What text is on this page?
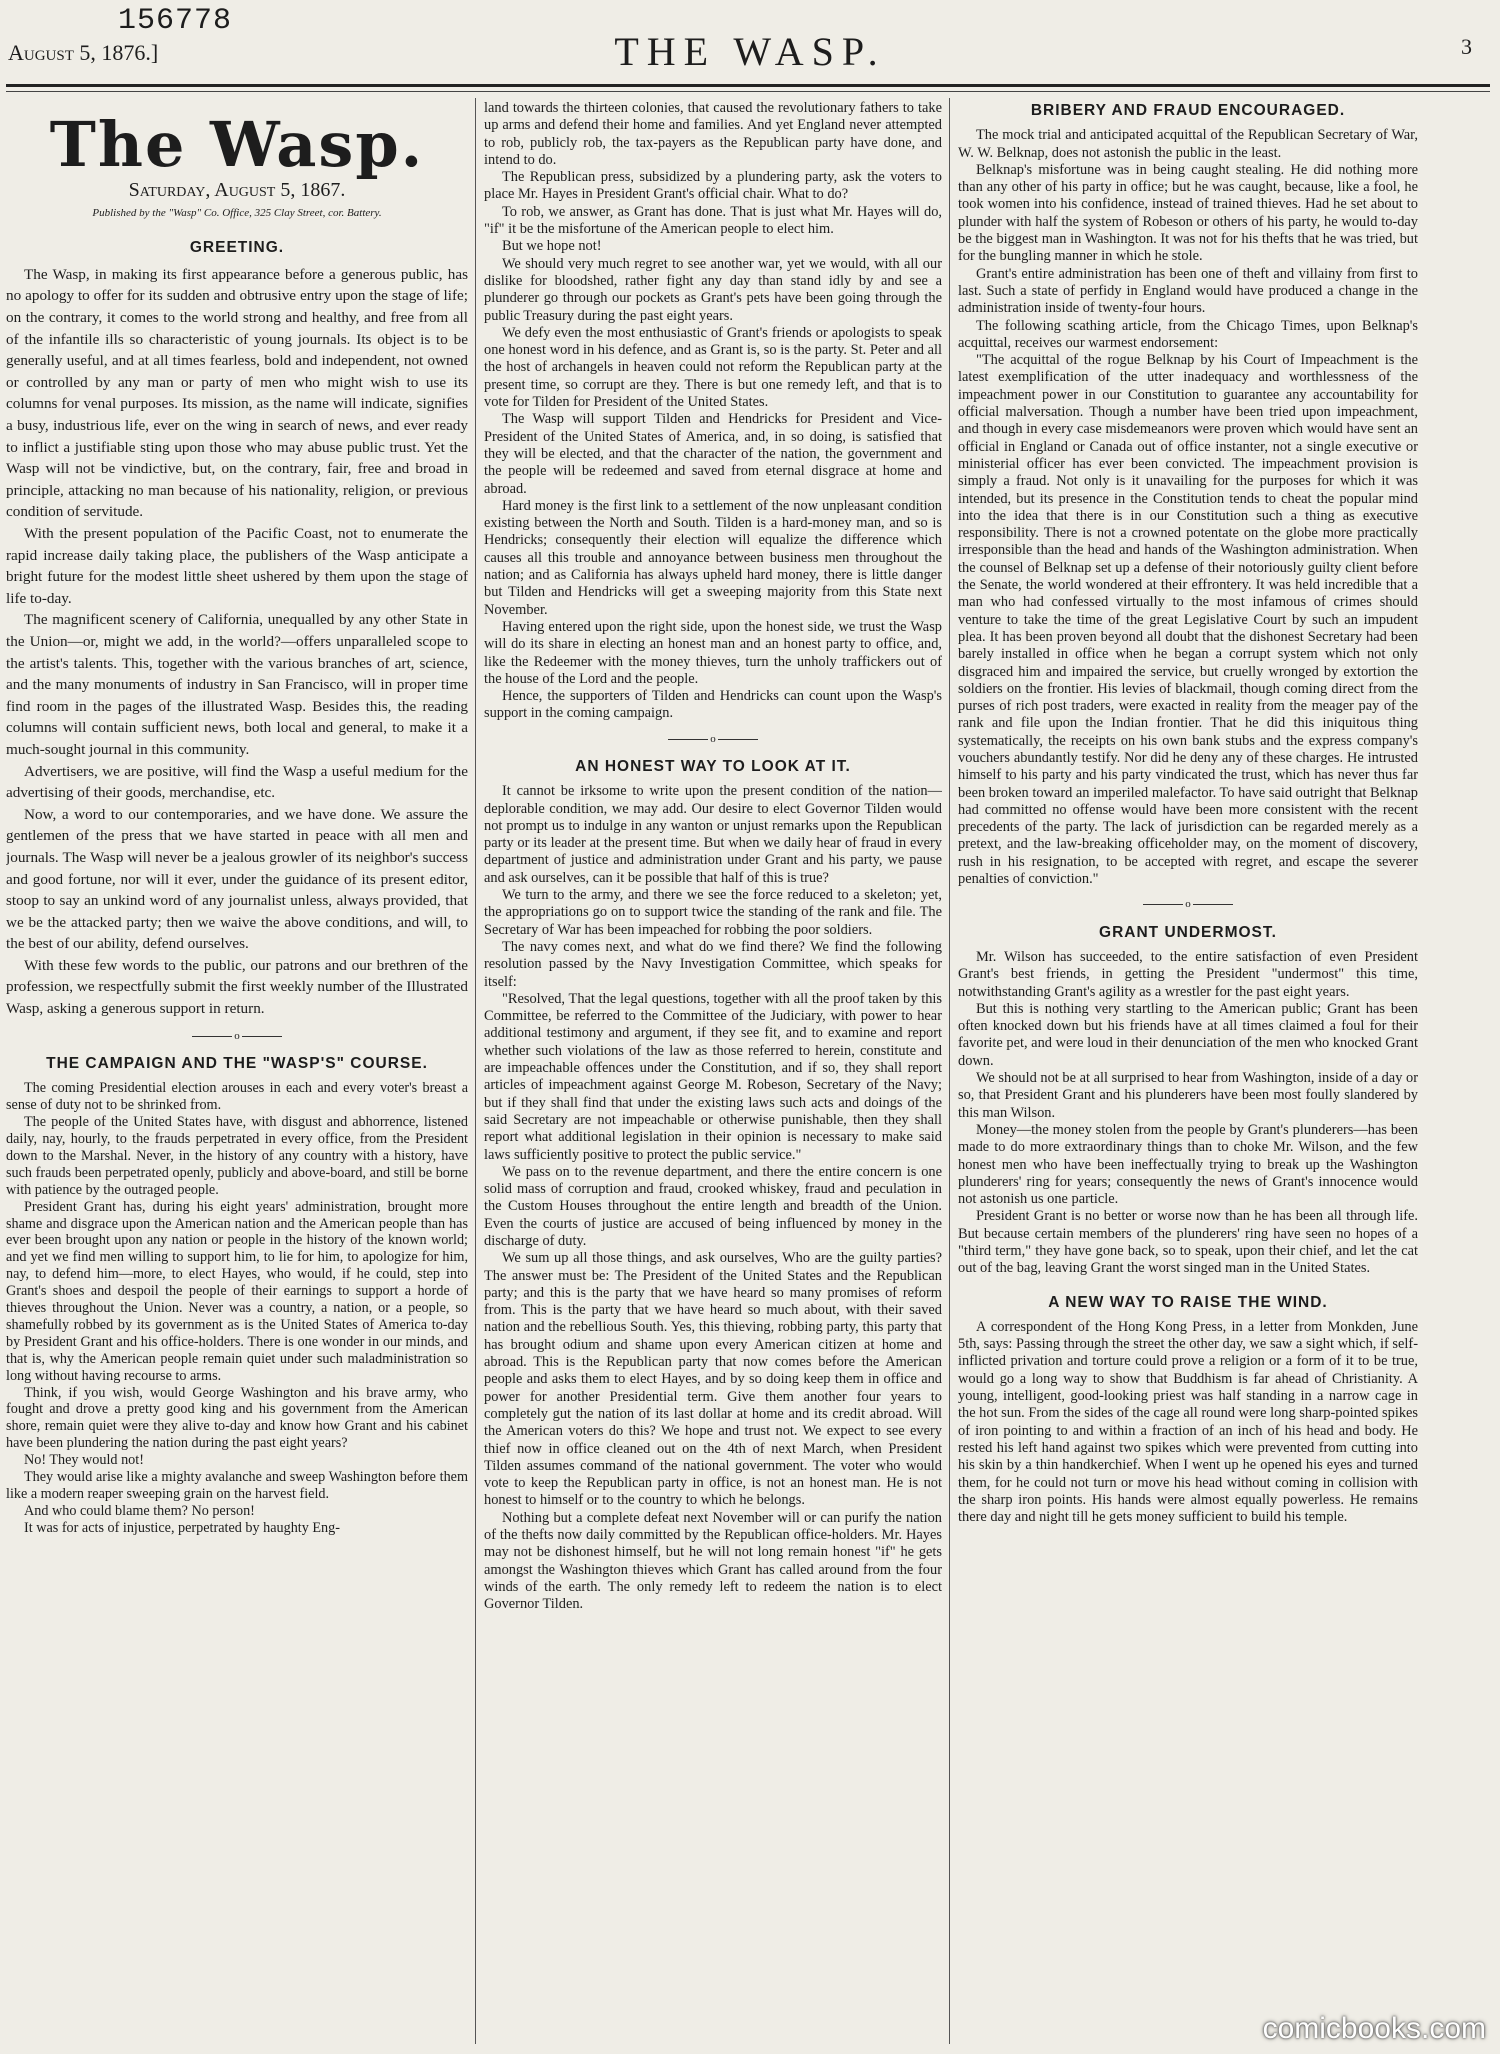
156778
August 5, 1876.]	THE WASP.	3
The Wasp.
Saturday, August 5, 1867.
Published by the "Wasp" Co. Office, 325 Clay Street, cor. Battery.
GREETING.

The Wasp, in making its first appearance before a generous public, has no apology to offer for its sudden and obtrusive entry upon the stage of life; on the contrary, it comes to the world strong and healthy, and free from all of the infantile ills so characteristic of young journals. Its object is to be generally useful, and at all times fearless, bold and independent, not owned or controlled by any man or party of men who might wish to use its columns for venal purposes. Its mission, as the name will indicate, signifies a busy, industrious life, ever on the wing in search of news, and ever ready to inflict a justifiable sting upon those who may abuse public trust. Yet the Wasp will not be vindictive, but, on the contrary, fair, free and broad in principle, attacking no man because of his nationality, religion, or previous condition of servitude.

With the present population of the Pacific Coast, not to enumerate the rapid increase daily taking place, the publishers of the Wasp anticipate a bright future for the modest little sheet ushered by them upon the stage of life to-day.

The magnificent scenery of California, unequalled by any other State in the Union—or, might we add, in the world?—offers unparalleled scope to the artist's talents. This, together with the various branches of art, science, and the many monuments of industry in San Francisco, will in proper time find room in the pages of the illustrated Wasp. Besides this, the reading columns will contain sufficient news, both local and general, to make it a much-sought journal in this community.

Advertisers, we are positive, will find the Wasp a useful medium for the advertising of their goods, merchandise, etc.

Now, a word to our contemporaries, and we have done. We assure the gentlemen of the press that we have started in peace with all men and journals. The Wasp will never be a jealous growler of its neighbor's success and good fortune, nor will it ever, under the guidance of its present editor, stoop to say an unkind word of any journalist unless, always provided, that we be the attacked party; then we waive the above conditions, and will, to the best of our ability, defend ourselves.

With these few words to the public, our patrons and our brethren of the profession, we respectfully submit the first weekly number of the Illustrated Wasp, asking a generous support in return.

o
THE CAMPAIGN AND THE "WASP'S" COURSE.

The coming Presidential election arouses in each and every voter's breast a sense of duty not to be shrinked from.

The people of the United States have, with disgust and abhorrence, listened daily, nay, hourly, to the frauds perpetrated in every office, from the President down to the Marshal. Never, in the history of any country with a history, have such frauds been perpetrated openly, publicly and above-board, and still be borne with patience by the outraged people.

President Grant has, during his eight years' administration, brought more shame and disgrace upon the American nation and the American people than has ever been brought upon any nation or people in the history of the known world; and yet we find men willing to support him, to lie for him, to apologize for him, nay, to defend him—more, to elect Hayes, who would, if he could, step into Grant's shoes and despoil the people of their earnings to support a horde of thieves throughout the Union. Never was a country, a nation, or a people, so shamefully robbed by its government as is the United States of America to-day by President Grant and his office-holders. There is one wonder in our minds, and that is, why the American people remain quiet under such maladministration so long without having recourse to arms.

Think, if you wish, would George Washington and his brave army, who fought and drove a pretty good king and his government from the American shore, remain quiet were they alive to-day and know how Grant and his cabinet have been plundering the nation during the past eight years?

No! They would not!

They would arise like a mighty avalanche and sweep Washington before them like a modern reaper sweeping grain on the harvest field.

And who could blame them? No person!

It was for acts of injustice, perpetrated by haughty Eng-

land towards the thirteen colonies, that caused the revolutionary fathers to take up arms and defend their home and families. And yet England never attempted to rob, publicly rob, the tax-payers as the Republican party have done, and intend to do.

The Republican press, subsidized by a plundering party, ask the voters to place Mr. Hayes in President Grant's official chair. What to do?

To rob, we answer, as Grant has done. That is just what Mr. Hayes will do, "if" it be the misfortune of the American people to elect him.

But we hope not!

We should very much regret to see another war, yet we would, with all our dislike for bloodshed, rather fight any day than stand idly by and see a plunderer go through our pockets as Grant's pets have been going through the public Treasury during the past eight years.

We defy even the most enthusiastic of Grant's friends or apologists to speak one honest word in his defence, and as Grant is, so is the party. St. Peter and all the host of archangels in heaven could not reform the Republican party at the present time, so corrupt are they. There is but one remedy left, and that is to vote for Tilden for President of the United States.

The Wasp will support Tilden and Hendricks for President and Vice-President of the United States of America, and, in so doing, is satisfied that they will be elected, and that the character of the nation, the government and the people will be redeemed and saved from eternal disgrace at home and abroad.

Hard money is the first link to a settlement of the now unpleasant condition existing between the North and South. Tilden is a hard-money man, and so is Hendricks; consequently their election will equalize the difference which causes all this trouble and annoyance between business men throughout the nation; and as California has always upheld hard money, there is little danger but Tilden and Hendricks will get a sweeping majority from this State next November.

Having entered upon the right side, upon the honest side, we trust the Wasp will do its share in electing an honest man and an honest party to office, and, like the Redeemer with the money thieves, turn the unholy traffickers out of the house of the Lord and the people.

Hence, the supporters of Tilden and Hendricks can count upon the Wasp's support in the coming campaign.

o
AN HONEST WAY TO LOOK AT IT.

It cannot be irksome to write upon the present condition of the nation—deplorable condition, we may add. Our desire to elect Governor Tilden would not prompt us to indulge in any wanton or unjust remarks upon the Republican party or its leader at the present time. But when we daily hear of fraud in every department of justice and administration under Grant and his party, we pause and ask ourselves, can it be possible that half of this is true?

We turn to the army, and there we see the force reduced to a skeleton; yet, the appropriations go on to support twice the standing of the rank and file. The Secretary of War has been impeached for robbing the poor soldiers.

The navy comes next, and what do we find there? We find the following resolution passed by the Navy Investigation Committee, which speaks for itself:

"Resolved, That the legal questions, together with all the proof taken by this Committee, be referred to the Committee of the Judiciary, with power to hear additional testimony and argument, if they see fit, and to examine and report whether such violations of the law as those referred to herein, constitute and are impeachable offences under the Constitution, and if so, they shall report articles of impeachment against George M. Robeson, Secretary of the Navy; but if they shall find that under the existing laws such acts and doings of the said Secretary are not impeachable or otherwise punishable, then they shall report what additional legislation in their opinion is necessary to make said laws sufficiently positive to protect the public service."

We pass on to the revenue department, and there the entire concern is one solid mass of corruption and fraud, crooked whiskey, fraud and peculation in the Custom Houses throughout the entire length and breadth of the Union. Even the courts of justice are accused of being influenced by money in the discharge of duty.

We sum up all those things, and ask ourselves, Who are the guilty parties? The answer must be: The President of the United States and the Republican party; and this is the party that we have heard so many promises of reform from. This is the party that we have heard so much about, with their saved nation and the rebellious South. Yes, this thieving, robbing party, this party that has brought odium and shame upon every American citizen at home and abroad. This is the Republican party that now comes before the American people and asks them to elect Hayes, and by so doing keep them in office and power for another Presidential term. Give them another four years to completely gut the nation of its last dollar at home and its credit abroad. Will the American voters do this? We hope and trust not. We expect to see every thief now in office cleaned out on the 4th of next March, when President Tilden assumes command of the national government. The voter who would vote to keep the Republican party in office, is not an honest man. He is not honest to himself or to the country to which he belongs.

Nothing but a complete defeat next November will or can purify the nation of the thefts now daily committed by the Republican office-holders. Mr. Hayes may not be dishonest himself, but he will not long remain honest "if" he gets amongst the Washington thieves which Grant has called around from the four winds of the earth. The only remedy left to redeem the nation is to elect Governor Tilden.

BRIBERY AND FRAUD ENCOURAGED.

The mock trial and anticipated acquittal of the Republican Secretary of War, W. W. Belknap, does not astonish the public in the least.

Belknap's misfortune was in being caught stealing. He did nothing more than any other of his party in office; but he was caught, because, like a fool, he took women into his confidence, instead of trained thieves. Had he set about to plunder with half the system of Robeson or others of his party, he would to-day be the biggest man in Washington. It was not for his thefts that he was tried, but for the bungling manner in which he stole.

Grant's entire administration has been one of theft and villainy from first to last. Such a state of perfidy in England would have produced a change in the administration inside of twenty-four hours.

The following scathing article, from the Chicago Times, upon Belknap's acquittal, receives our warmest endorsement:

"The acquittal of the rogue Belknap by his Court of Impeachment is the latest exemplification of the utter inadequacy and worthlessness of the impeachment power in our Constitution to guarantee any accountability for official malversation. Though a number have been tried upon impeachment, and though in every case misdemeanors were proven which would have sent an official in England or Canada out of office instanter, not a single executive or ministerial officer has ever been convicted. The impeachment provision is simply a fraud. Not only is it unavailing for the purposes for which it was intended, but its presence in the Constitution tends to cheat the popular mind into the idea that there is in our Constitution such a thing as executive responsibility. There is not a crowned potentate on the globe more practically irresponsible than the head and hands of the Washington administration. When the counsel of Belknap set up a defense of their notoriously guilty client before the Senate, the world wondered at their effrontery. It was held incredible that a man who had confessed virtually to the most infamous of crimes should venture to take the time of the great Legislative Court by such an impudent plea. It has been proven beyond all doubt that the dishonest Secretary had been barely installed in office when he began a corrupt system which not only disgraced him and impaired the service, but cruelly wronged by extortion the soldiers on the frontier. His levies of blackmail, though coming direct from the purses of rich post traders, were exacted in reality from the meager pay of the rank and file upon the Indian frontier. That he did this iniquitous thing systematically, the receipts on his own bank stubs and the express company's vouchers abundantly testify. Nor did he deny any of these charges. He intrusted himself to his party and his party vindicated the trust, which has never thus far been broken toward an imperiled malefactor. To have said outright that Belknap had committed no offense would have been more consistent with the recent precedents of the party. The lack of jurisdiction can be regarded merely as a pretext, and the law-breaking officeholder may, on the moment of discovery, rush in his resignation, to be accepted with regret, and escape the severer penalties of conviction."

o
GRANT UNDERMOST.

Mr. Wilson has succeeded, to the entire satisfaction of even President Grant's best friends, in getting the President "undermost" this time, notwithstanding Grant's agility as a wrestler for the past eight years.

But this is nothing very startling to the American public; Grant has been often knocked down but his friends have at all times claimed a foul for their favorite pet, and were loud in their denunciation of the men who knocked Grant down.

We should not be at all surprised to hear from Washington, inside of a day or so, that President Grant and his plunderers have been most foully slandered by this man Wilson.

Money—the money stolen from the people by Grant's plunderers—has been made to do more extraordinary things than to choke Mr. Wilson, and the few honest men who have been ineffectually trying to break up the Washington plunderers' ring for years; consequently the news of Grant's innocence would not astonish us one particle.

President Grant is no better or worse now than he has been all through life. But because certain members of the plunderers' ring have seen no hopes of a "third term," they have gone back, so to speak, upon their chief, and let the cat out of the bag, leaving Grant the worst singed man in the United States.

A NEW WAY TO RAISE THE WIND.

A correspondent of the Hong Kong Press, in a letter from Monkden, June 5th, says: Passing through the street the other day, we saw a sight which, if self-inflicted privation and torture could prove a religion or a form of it to be true, would go a long way to show that Buddhism is far ahead of Christianity. A young, intelligent, good-looking priest was half standing in a narrow cage in the hot sun. From the sides of the cage all round were long sharp-pointed spikes of iron pointing to and within a fraction of an inch of his head and body. He rested his left hand against two spikes which were prevented from cutting into his skin by a thin handkerchief. When I went up he opened his eyes and turned them, for he could not turn or move his head without coming in collision with the sharp iron points. His hands were almost equally powerless. He remains there day and night till he gets money sufficient to build his temple.

comicbooks.com
